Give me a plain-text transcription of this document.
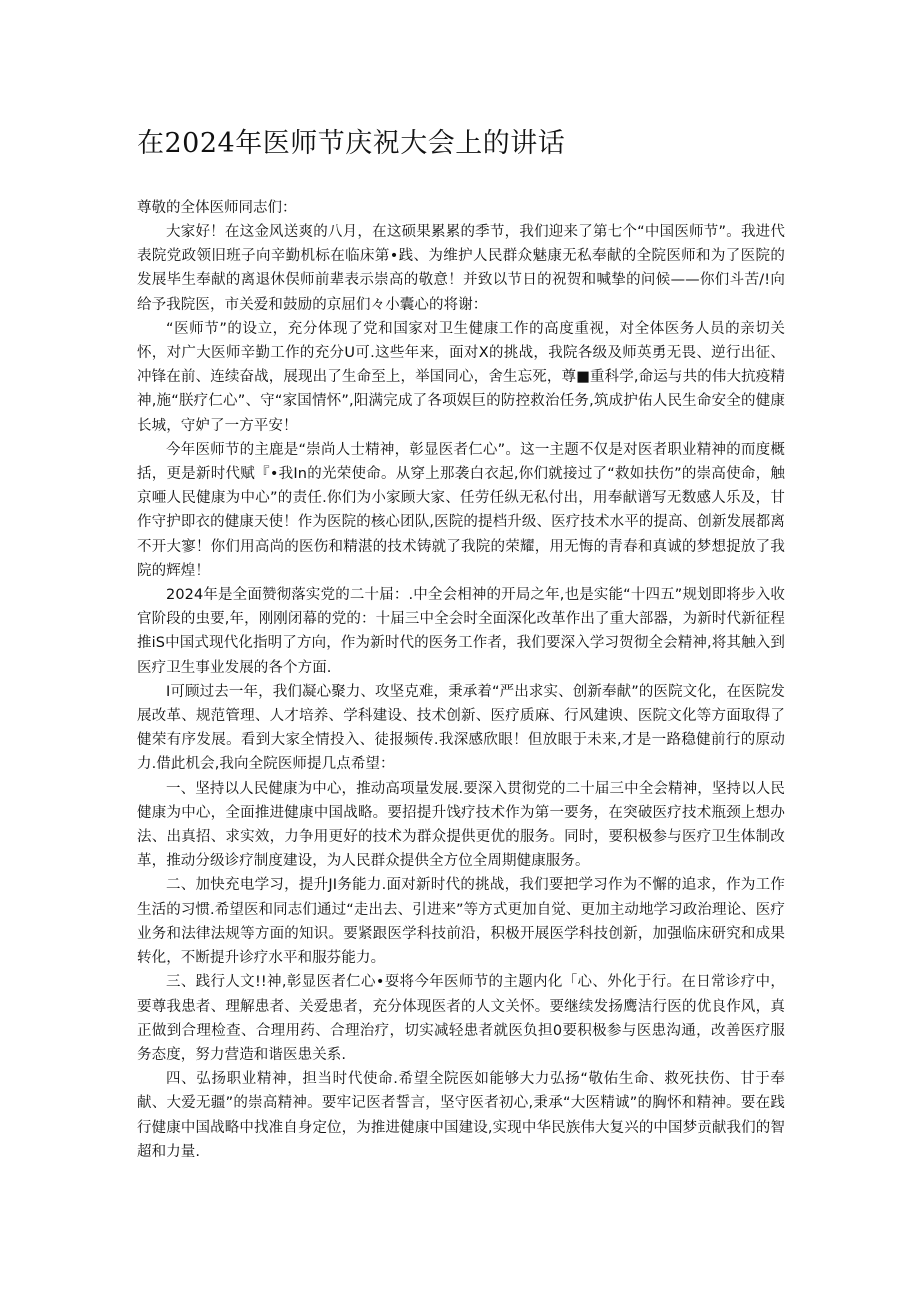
在2024年医师节庆祝大会上的讲话

尊敬的全体医师同志们：

大家好！在这金风送爽的八月，在这硕果累累的季节，我们迎来了第七个“中国医师节”。我进代表院党政领旧班子向辛勤机标在临床第•践、为维护人民群众魅康无私奉献的全院医师和为了医院的发展毕生奉献的离退休俣师前辈表示崇高的敬意！并致以节日的祝贺和喊挚的问候——你们斗苦/!向给予我院医，市关爱和鼓励的京屈们々小囊心的将谢：

“医师节”的设立，充分体现了党和国家对卫生健康工作的高度重视，对全体医务人员的亲切关怀，对广大医师辛勤工作的充分U可.这些年来，面对X的挑战，我院各级及师英勇无畏、逆行出征、冲锋在前、连续奋战，展现出了生命至上，举国同心，舍生忘死，尊■重科学,命运与共的伟大抗疫精神,施“朕疗仁心”、守“家国情怀”,阳满完成了各项娱巨的防控救治任务,筑成护佑人民生命安全的健康长城，守妒了一方平安！

今年医师节的主鹿是“崇尚人士精神，彰显医者仁心”。这一主题不仅是对医者职业精神的而度概括，更是新时代赋『•我In的光荣使命。从穿上那袭白衣起,你们就接过了“救如扶伤”的崇高使命，触京唖人民健康为中心”的责任.你们为小家顾大家、任劳任纵无私付出，用奉献谱写无数感人乐及，甘作守护即衣的健康天使！作为医院的核心团队,医院的提档升级、医疗技术水平的提高、创新发展都离不开大寥！你们用高尚的医伤和精湛的技术铸就了我院的荣耀，用无悔的青春和真诚的梦想捉放了我院的辉煌！

2024年是全面赞彻落实党的二十届：.中全会相神的开局之年,也是实能“十四五”规划即将步入收官阶段的虫要,年，刚刚闭幕的党的：十届三中全会时全面深化改革作出了重大部器，为新时代新征程推iS中国式现代化指明了方向，作为新时代的医务工作者，我们要深入学习贺彻全会精神,将其触入到医疗卫生事业发展的各个方面.

I可顾过去一年，我们凝心聚力、攻坚克难，秉承着“严出求实、创新奉献”的医院文化，在医院发展改革、规范管理、人才培养、学科建设、技术创新、医疗质麻、行风建谀、医院文化等方面取得了健荣有序发展。看到大家全情投入、徒报频传.我深感欣眼！但放眼于未来,才是一路稳健前行的原动力.借此机会,我向全院医师提几点希望：

一、坚持以人民健康为中心，推动高项量发展.要深入贯彻党的二十届三中全会精神，坚持以人民健康为中心，全面推进健康中国战略。要招提升饯疗技术作为第一要务，在突破医疗技术瓶颈上想办法、出真招、求实效，力争用更好的技术为群众提供更优的服务。同时，要积极参与医疗卫生体制改革，推动分级诊疗制度建设，为人民群众提供全方位全周期健康服务。

二、加快充电学习，提升JI务能力.面对新时代的挑战，我们要把学习作为不懈的追求，作为工作生活的习惯.希望医和同志们通过“走出去、引进来”等方式更加自觉、更加主动地学习政治理论、医疗业务和法律法规等方面的知识。要紧跟医学科技前沿，积极开展医学科技创新，加强临床研究和成果转化，不断提升诊疗水平和服芬能力。

三、践行人文!!神,彰显医者仁心•耍将今年医师节的主题内化「心、外化于行。在日常诊疗中，要尊我患者、理解患者、关爱患者，充分体现医者的人文关怀。要继续发扬鹰洁行医的优良作风，真正做到合理检查、合理用药、合理治疗，切实减轻患者就医负担0要积极参与医患沟通，改善医疗服务态度，努力营造和谐医患关系.

四、弘扬职业精神，担当时代使命.希望全院医如能够大力弘扬“敬佑生命、救死扶伤、甘于奉献、大爱无疆”的崇高精神。要牢记医者誓言，坚守医者初心,秉承“大医精诚”的胸怀和精神。要在践行健康中国战略中找准自身定位，为推进健康中国建设,实现中华民族伟大复兴的中国梦贡献我们的智超和力量.
